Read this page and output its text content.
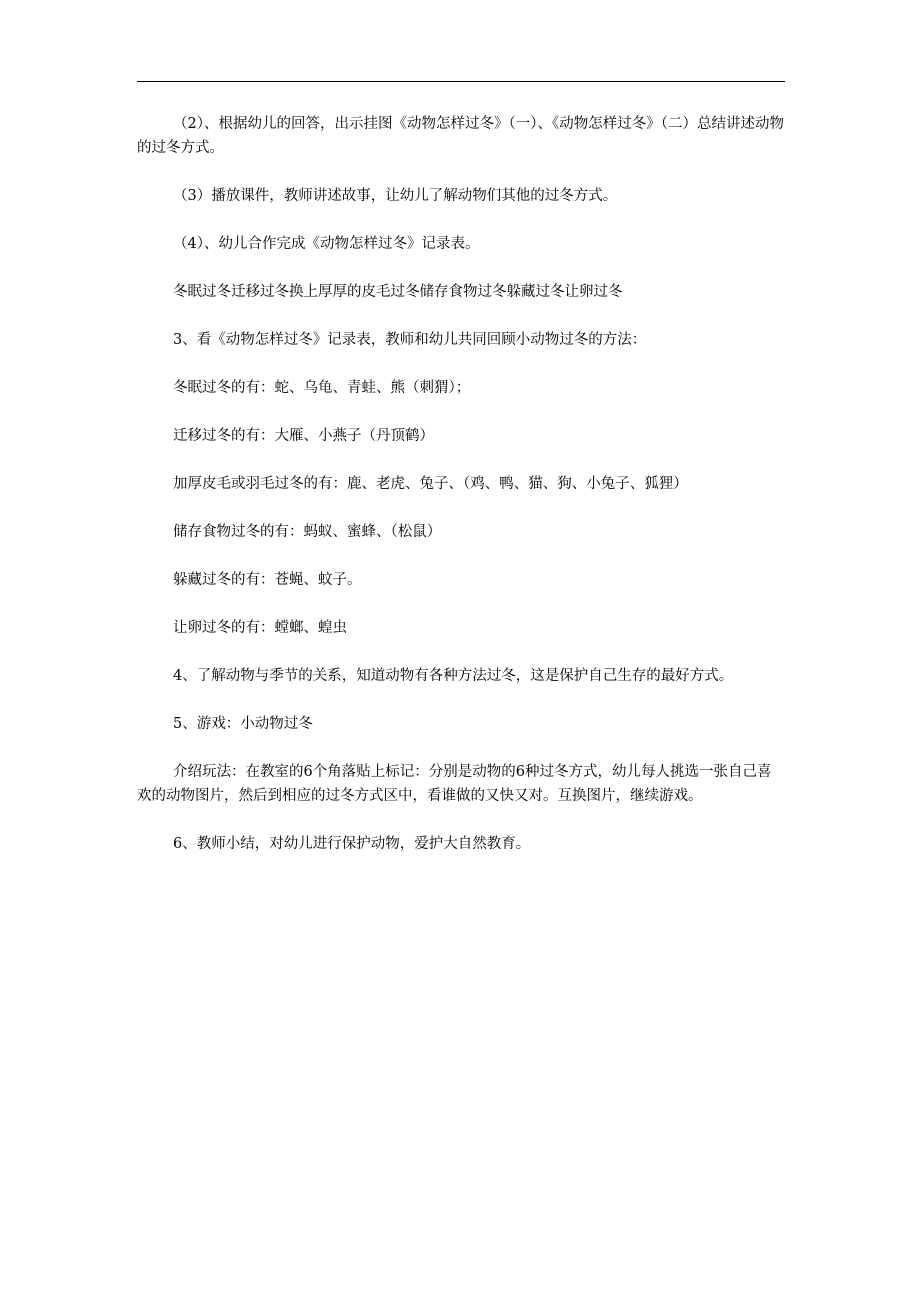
（2）、根据幼儿的回答，出示挂图《动物怎样过冬》（一）、《动物怎样过冬》（二）总结讲述动物的过冬方式。

（3）播放课件，教师讲述故事，让幼儿了解动物们其他的过冬方式。

（4）、幼儿合作完成《动物怎样过冬》记录表。

冬眠过冬迁移过冬换上厚厚的皮毛过冬储存食物过冬躲藏过冬让卵过冬

3、看《动物怎样过冬》记录表，教师和幼儿共同回顾小动物过冬的方法：

冬眠过冬的有：蛇、乌龟、青蛙、熊（刺猬）；

迁移过冬的有：大雁、小燕子（丹顶鹤）

加厚皮毛或羽毛过冬的有：鹿、老虎、兔子、（鸡、鸭、猫、狗、小兔子、狐狸）

储存食物过冬的有：蚂蚁、蜜蜂、（松鼠）

躲藏过冬的有：苍蝇、蚊子。

让卵过冬的有：螳螂、蝗虫

4、了解动物与季节的关系，知道动物有各种方法过冬，这是保护自己生存的最好方式。

5、游戏：小动物过冬

介绍玩法：在教室的6个角落贴上标记：分别是动物的6种过冬方式，幼儿每人挑选一张自己喜欢的动物图片，然后到相应的过冬方式区中，看谁做的又快又对。互换图片，继续游戏。

6、教师小结，对幼儿进行保护动物，爱护大自然教育。
